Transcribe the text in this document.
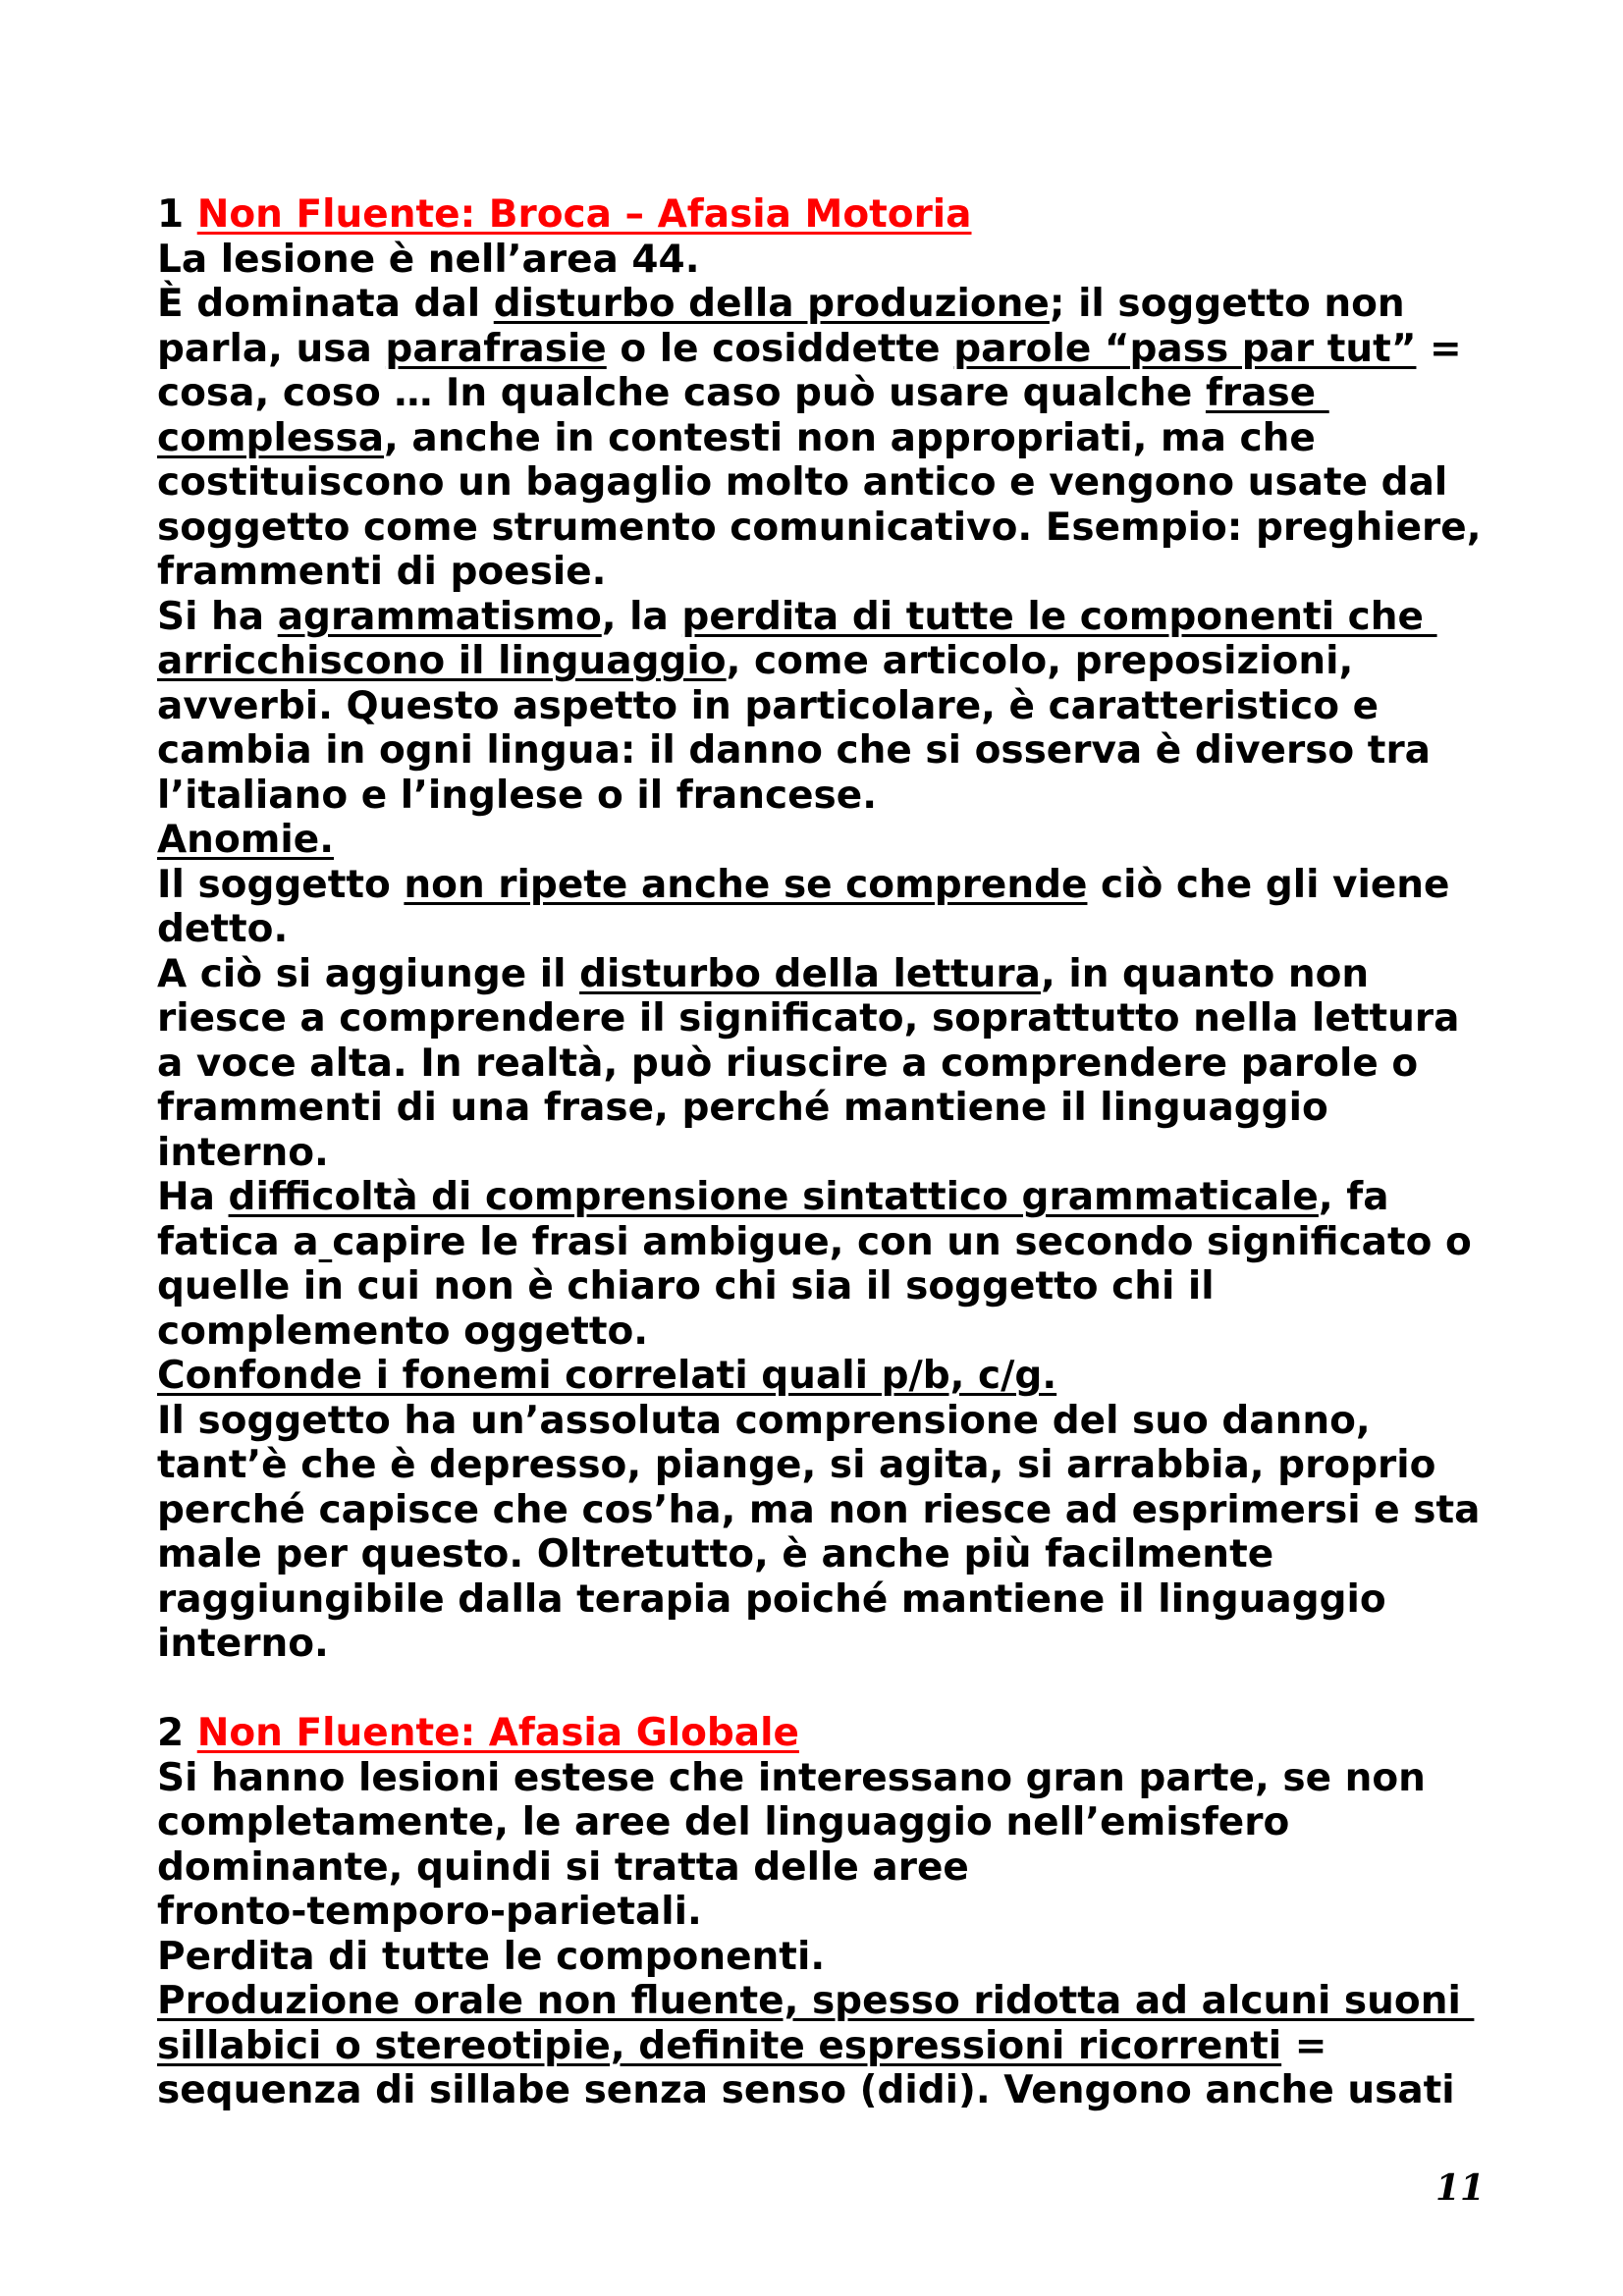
1 Non Fluente: Broca – Afasia Motoria
La lesione è nell’area 44.
È dominata dal disturbo della produzione; il soggetto non
parla, usa parafrasie o le cosiddette parole “pass par tut” =
cosa, coso … In qualche caso può usare qualche frase
complessa, anche in contesti non appropriati, ma che
costituiscono un bagaglio molto antico e vengono usate dal
soggetto come strumento comunicativo. Esempio: preghiere,
frammenti di poesie.
Si ha agrammatismo, la perdita di tutte le componenti che
arricchiscono il linguaggio, come articolo, preposizioni,
avverbi. Questo aspetto in particolare, è caratteristico e
cambia in ogni lingua: il danno che si osserva è diverso tra
l’italiano e l’inglese o il francese.
Anomie.
Il soggetto non ripete anche se comprende ciò che gli viene
detto.
A ciò si aggiunge il disturbo della lettura, in quanto non
riesce a comprendere il significato, soprattutto nella lettura
a voce alta. In realtà, può riuscire a comprendere parole o
frammenti di una frase, perché mantiene il linguaggio
interno.
Ha difficoltà di comprensione sintattico grammaticale, fa
fatica a capire le frasi ambigue, con un secondo significato o
quelle in cui non è chiaro chi sia il soggetto chi il
complemento oggetto.
Confonde i fonemi correlati quali p/b, c/g.
Il soggetto ha un’assoluta comprensione del suo danno,
tant’è che è depresso, piange, si agita, si arrabbia, proprio
perché capisce che cos’ha, ma non riesce ad esprimersi e sta
male per questo. Oltretutto, è anche più facilmente
raggiungibile dalla terapia poiché mantiene il linguaggio
interno.
2 Non Fluente: Afasia Globale
Si hanno lesioni estese che interessano gran parte, se non
completamente, le aree del linguaggio nell’emisfero
dominante, quindi si tratta delle aree
fronto-temporo-parietali.
Perdita di tutte le componenti.
Produzione orale non fluente, spesso ridotta ad alcuni suoni
sillabici o stereotipie, definite espressioni ricorrenti =
sequenza di sillabe senza senso (didi). Vengono anche usati
11
